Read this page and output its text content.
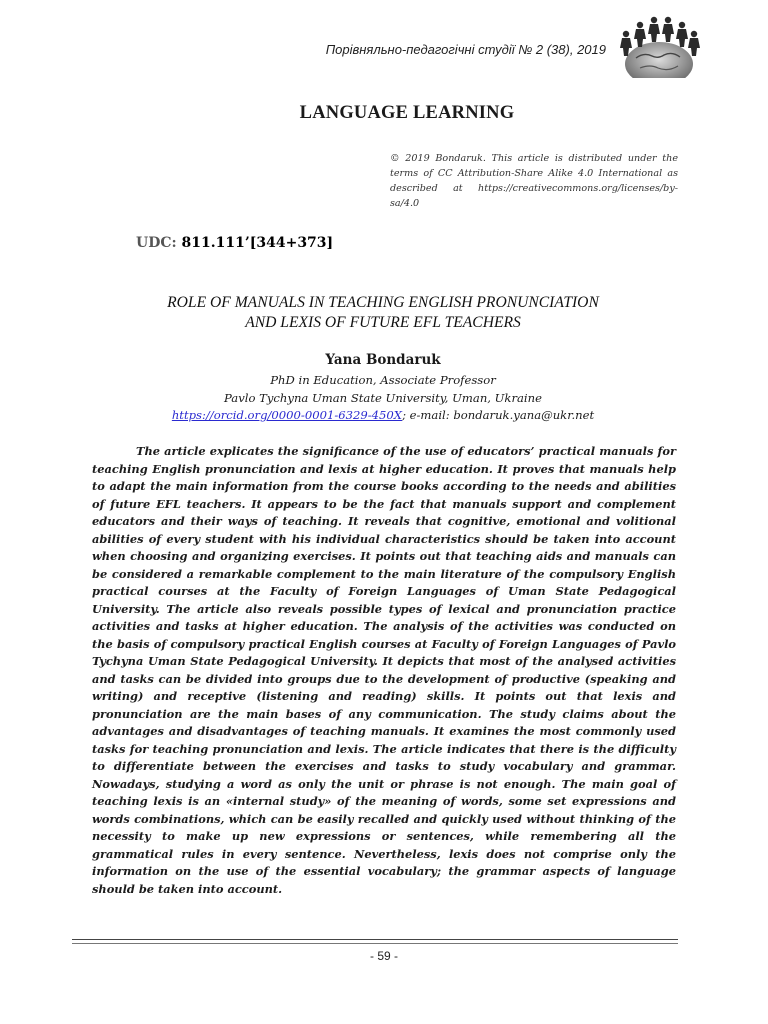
Порівняльно-педагогічні студії № 2 (38), 2019
LANGUAGE LEARNING
© 2019 Bondaruk. This article is distributed under the terms of CC Attribution-Share Alike 4.0 International as described at https://creativecommons.org/licenses/by-sa/4.0
UDC: 811.111’[344+373]
ROLE OF MANUALS IN TEACHING ENGLISH PRONUNCIATION
AND LEXIS OF FUTURE EFL TEACHERS
Yana Bondaruk
PhD in Education, Associate Professor
Pavlo Tychyna Uman State University, Uman, Ukraine
https://orcid.org/0000-0001-6329-450X; e-mail: bondaruk.yana@ukr.net

The article explicates the significance of the use of educators’ practical manuals for teaching English pronunciation and lexis at higher education. It proves that manuals help to adapt the main information from the course books according to the needs and abilities of future EFL teachers. It appears to be the fact that manuals support and complement educators and their ways of teaching. It reveals that cognitive, emotional and volitional abilities of every student with his individual characteristics should be taken into account when choosing and organizing exercises. It points out that teaching aids and manuals can be considered a remarkable complement to the main literature of the compulsory English practical courses at the Faculty of Foreign Languages of Uman State Pedagogical University. The article also reveals possible types of lexical and pronunciation practice activities and tasks at higher education. The analysis of the activities was conducted on the basis of compulsory practical English courses at Faculty of Foreign Languages of Pavlo Tychyna Uman State Pedagogical University. It depicts that most of the analysed activities and tasks can be divided into groups due to the development of productive (speaking and writing) and receptive (listening and reading) skills. It points out that lexis and pronunciation are the main bases of any communication. The study claims about the advantages and disadvantages of teaching manuals. It examines the most commonly used tasks for teaching pronunciation and lexis. The article indicates that there is the difficulty to differentiate between the exercises and tasks to study vocabulary and grammar. Nowadays, studying a word as only the unit or phrase is not enough. The main goal of teaching lexis is an «internal study» of the meaning of words, some set expressions and words combinations, which can be easily recalled and quickly used without thinking of the necessity to make up new expressions or sentences, while remembering all the grammatical rules in every sentence. Nevertheless, lexis does not comprise only the information on the use of the essential vocabulary; the grammar aspects of language should be taken into account.

- 59 -
